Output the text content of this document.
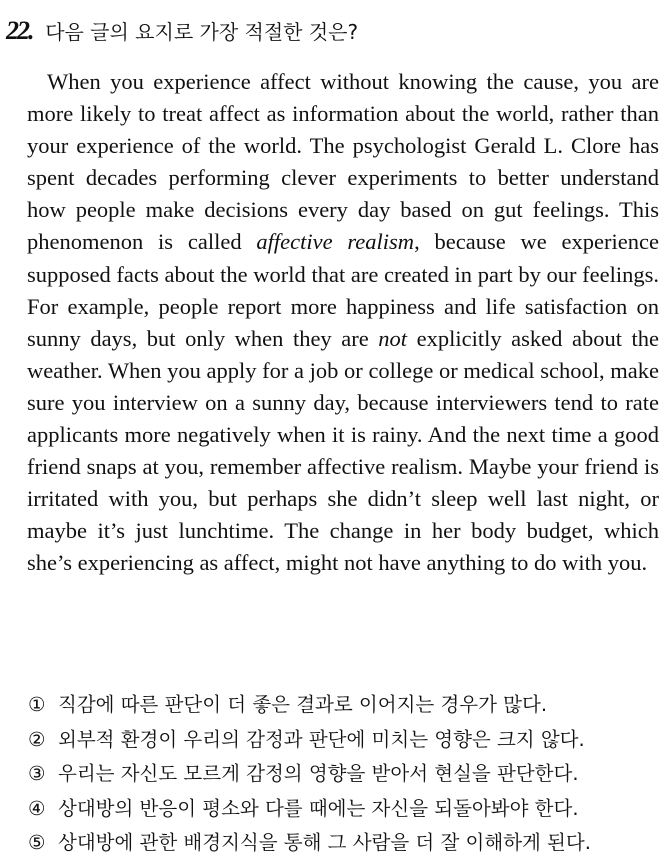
22. 다음 글의 요지로 가장 적절한 것은?

When you experience affect without knowing the cause, you are more likely to treat affect as information about the world, rather than your experience of the world. The psychologist Gerald L. Clore has spent decades performing clever experiments to better understand how people make decisions every day based on gut feelings. This phenomenon is called affective realism, because we experience supposed facts about the world that are created in part by our feelings. For example, people report more happiness and life satisfaction on sunny days, but only when they are not explicitly asked about the weather. When you apply for a job or college or medical school, make sure you interview on a sunny day, because interviewers tend to rate applicants more negatively when it is rainy. And the next time a good friend snaps at you, remember affective realism. Maybe your friend is irritated with you, but perhaps she didn’t sleep well last night, or maybe it’s just lunchtime. The change in her body budget, which she’s experiencing as affect, might not have anything to do with you.

① 직감에 따른 판단이 더 좋은 결과로 이어지는 경우가 많다.
② 외부적 환경이 우리의 감정과 판단에 미치는 영향은 크지 않다.
③ 우리는 자신도 모르게 감정의 영향을 받아서 현실을 판단한다.
④ 상대방의 반응이 평소와 다를 때에는 자신을 되돌아봐야 한다.
⑤ 상대방에 관한 배경지식을 통해 그 사람을 더 잘 이해하게 된다.
